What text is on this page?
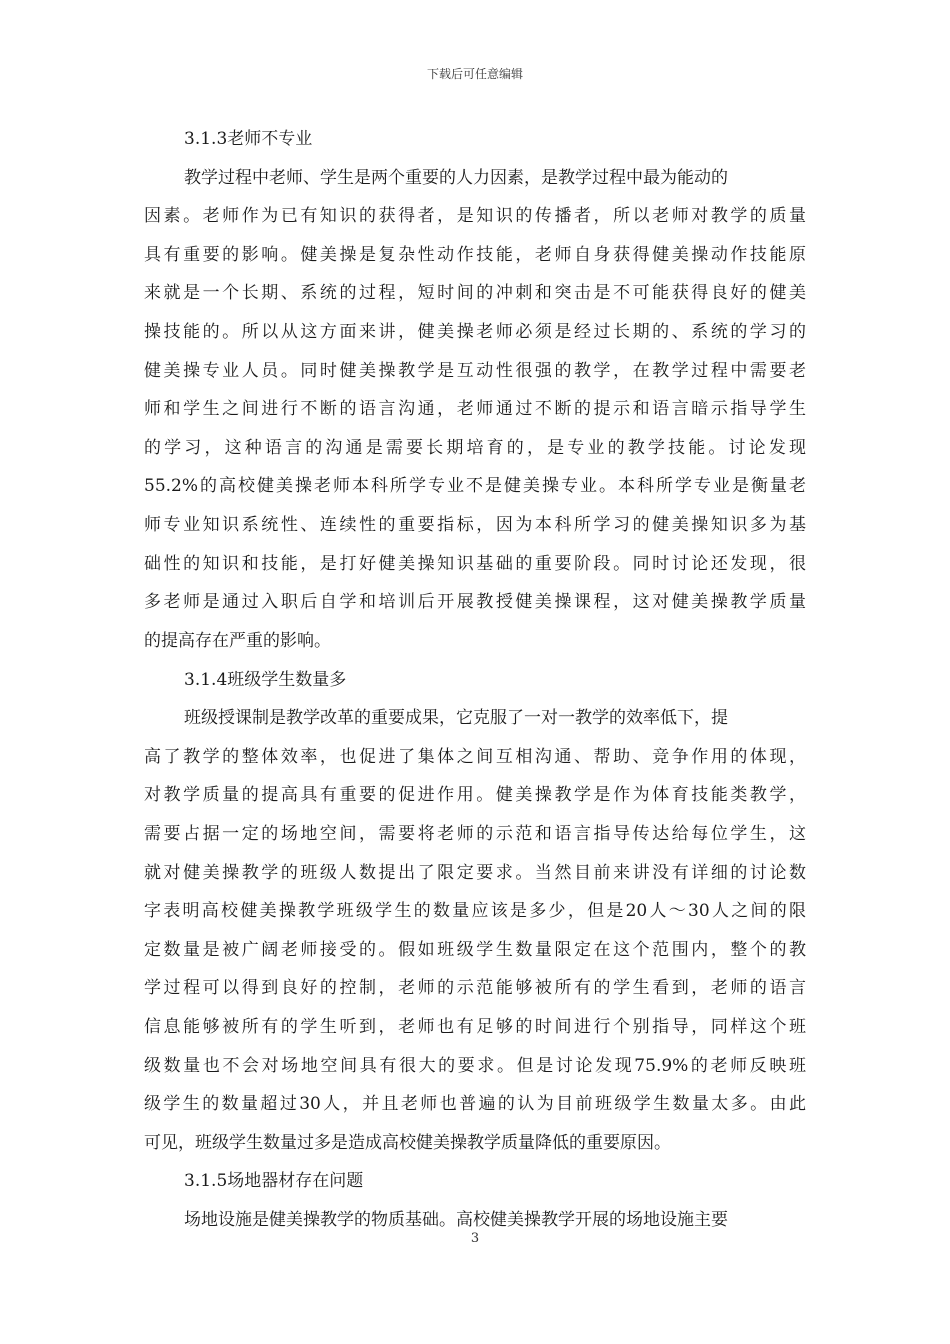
下载后可任意编辑
3.1.3老师不专业
教学过程中老师、学生是两个重要的人力因素，是教学过程中最为能动的
因素。老师作为已有知识的获得者，是知识的传播者，所以老师对教学的质量
具有重要的影响。健美操是复杂性动作技能，老师自身获得健美操动作技能原
来就是一个长期、系统的过程，短时间的冲刺和突击是不可能获得良好的健美
操技能的。所以从这方面来讲，健美操老师必须是经过长期的、系统的学习的
健美操专业人员。同时健美操教学是互动性很强的教学，在教学过程中需要老
师和学生之间进行不断的语言沟通，老师通过不断的提示和语言暗示指导学生
的学习，这种语言的沟通是需要长期培育的，是专业的教学技能。讨论发现
55.2%的高校健美操老师本科所学专业不是健美操专业。本科所学专业是衡量老
师专业知识系统性、连续性的重要指标，因为本科所学习的健美操知识多为基
础性的知识和技能，是打好健美操知识基础的重要阶段。同时讨论还发现，很
多老师是通过入职后自学和培训后开展教授健美操课程，这对健美操教学质量
的提高存在严重的影响。
3.1.4班级学生数量多
班级授课制是教学改革的重要成果，它克服了一对一教学的效率低下，提
高了教学的整体效率，也促进了集体之间互相沟通、帮助、竞争作用的体现，
对教学质量的提高具有重要的促进作用。健美操教学是作为体育技能类教学，
需要占据一定的场地空间，需要将老师的示范和语言指导传达给每位学生，这
就对健美操教学的班级人数提出了限定要求。当然目前来讲没有详细的讨论数
字表明高校健美操教学班级学生的数量应该是多少，但是20人～30人之间的限
定数量是被广阔老师接受的。假如班级学生数量限定在这个范围内，整个的教
学过程可以得到良好的控制，老师的示范能够被所有的学生看到，老师的语言
信息能够被所有的学生听到，老师也有足够的时间进行个别指导，同样这个班
级数量也不会对场地空间具有很大的要求。但是讨论发现75.9%的老师反映班
级学生的数量超过30人，并且老师也普遍的认为目前班级学生数量太多。由此
可见，班级学生数量过多是造成高校健美操教学质量降低的重要原因。
3.1.5场地器材存在问题
场地设施是健美操教学的物质基础。高校健美操教学开展的场地设施主要
3
